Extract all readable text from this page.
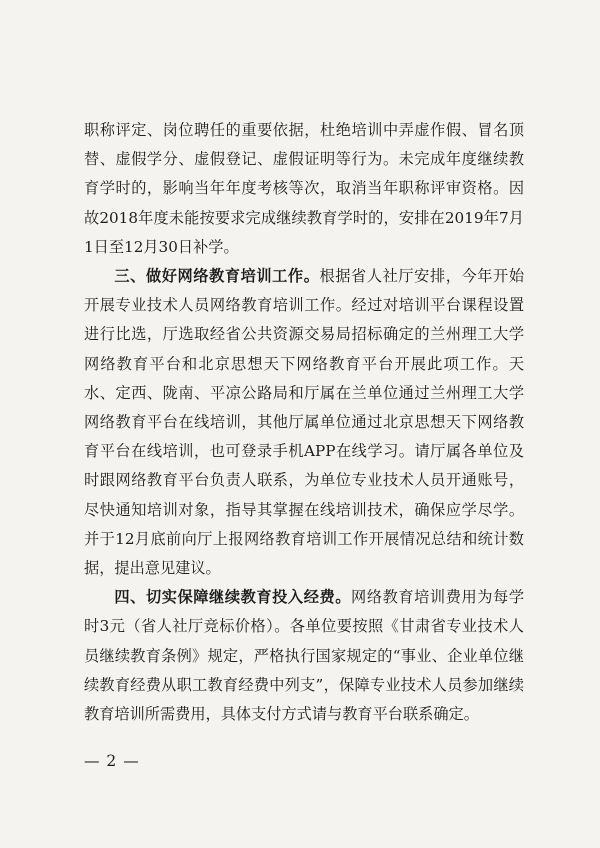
职称评定、岗位聘任的重要依据，杜绝培训中弄虚作假、冒名顶替、虚假学分、虚假登记、虚假证明等行为。未完成年度继续教育学时的，影响当年年度考核等次，取消当年职称评审资格。因故2018年度未能按要求完成继续教育学时的，安排在2019年7月1日至12月30日补学。

三、做好网络教育培训工作。根据省人社厅安排，今年开始开展专业技术人员网络教育培训工作。经过对培训平台课程设置进行比选，厅选取经省公共资源交易局招标确定的兰州理工大学网络教育平台和北京思想天下网络教育平台开展此项工作。天水、定西、陇南、平凉公路局和厅属在兰单位通过兰州理工大学网络教育平台在线培训，其他厅属单位通过北京思想天下网络教育平台在线培训，也可登录手机APP在线学习。请厅属各单位及时跟网络教育平台负责人联系，为单位专业技术人员开通账号，尽快通知培训对象，指导其掌握在线培训技术，确保应学尽学。并于12月底前向厅上报网络教育培训工作开展情况总结和统计数据，提出意见建议。

四、切实保障继续教育投入经费。网络教育培训费用为每学时3元（省人社厅竞标价格）。各单位要按照《甘肃省专业技术人员继续教育条例》规定，严格执行国家规定的“事业、企业单位继续教育经费从职工教育经费中列支”，保障专业技术人员参加继续教育培训所需费用，具体支付方式请与教育平台联系确定。

— 2 —
